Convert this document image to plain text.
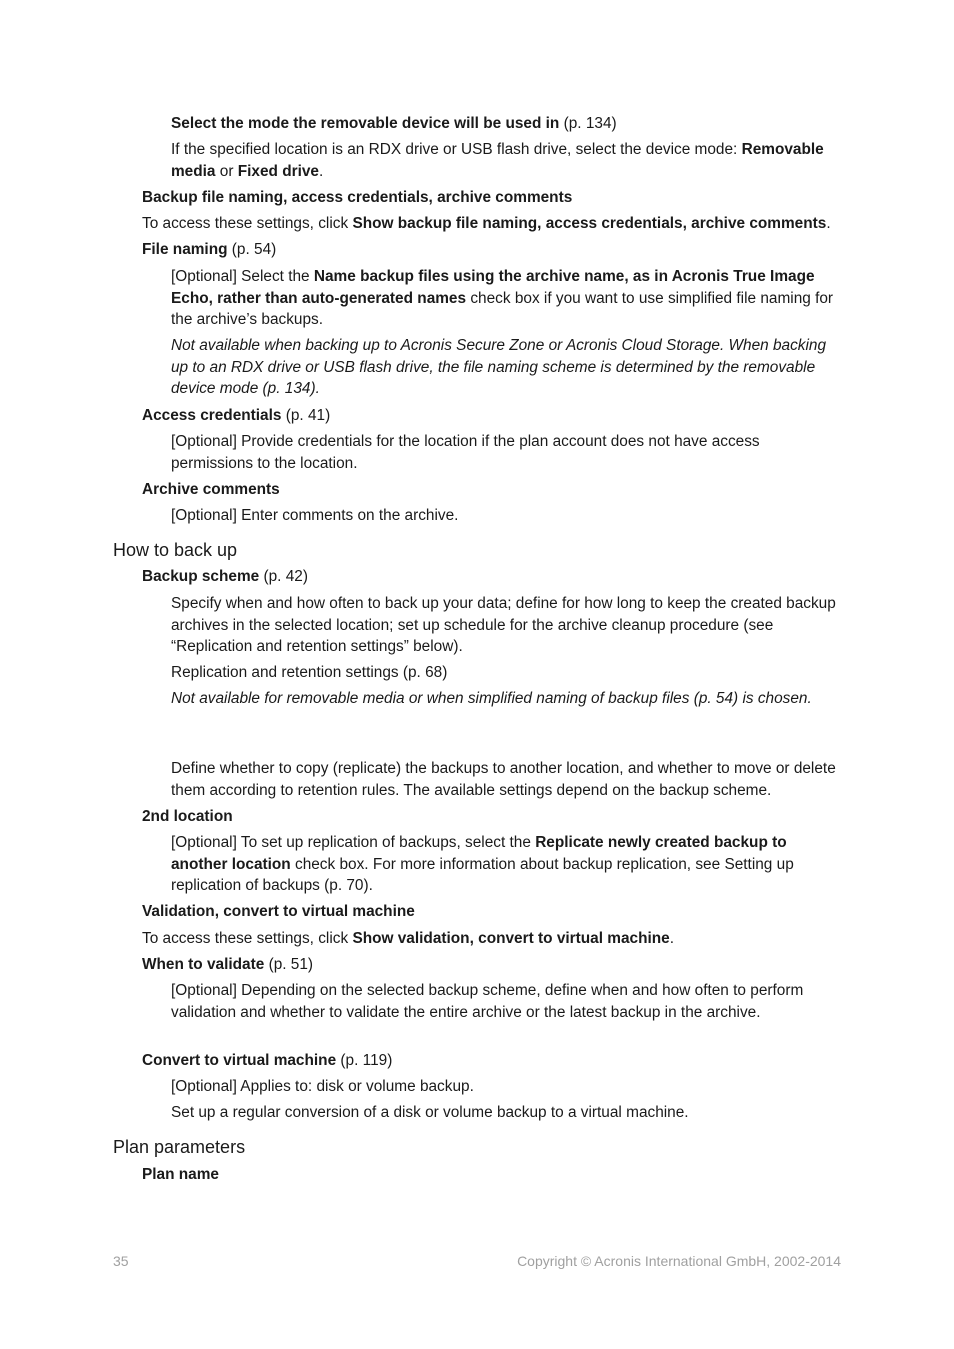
Select the mode the removable device will be used in (p. 134)

If the specified location is an RDX drive or USB flash drive, select the device mode: Removable media or Fixed drive.

Backup file naming, access credentials, archive comments

To access these settings, click Show backup file naming, access credentials, archive comments.

File naming (p. 54)

[Optional] Select the Name backup files using the archive name, as in Acronis True Image Echo, rather than auto-generated names check box if you want to use simplified file naming for the archive’s backups.

Not available when backing up to Acronis Secure Zone or Acronis Cloud Storage. When backing up to an RDX drive or USB flash drive, the file naming scheme is determined by the removable device mode (p. 134).

Access credentials (p. 41)

[Optional] Provide credentials for the location if the plan account does not have access permissions to the location.

Archive comments

[Optional] Enter comments on the archive.

How to back up

Backup scheme (p. 42)

Specify when and how often to back up your data; define for how long to keep the created backup archives in the selected location; set up schedule for the archive cleanup procedure (see “Replication and retention settings” below).

Replication and retention settings (p. 68)

Not available for removable media or when simplified naming of backup files (p. 54) is chosen.

Define whether to copy (replicate) the backups to another location, and whether to move or delete them according to retention rules. The available settings depend on the backup scheme.

2nd location

[Optional] To set up replication of backups, select the Replicate newly created backup to another location check box. For more information about backup replication, see Setting up replication of backups (p. 70).

Validation, convert to virtual machine

To access these settings, click Show validation, convert to virtual machine.

When to validate (p. 51)

[Optional] Depending on the selected backup scheme, define when and how often to perform validation and whether to validate the entire archive or the latest backup in the archive.

Convert to virtual machine (p. 119)

[Optional] Applies to: disk or volume backup.

Set up a regular conversion of a disk or volume backup to a virtual machine.

Plan parameters

Plan name

35	Copyright © Acronis International GmbH, 2002-2014
